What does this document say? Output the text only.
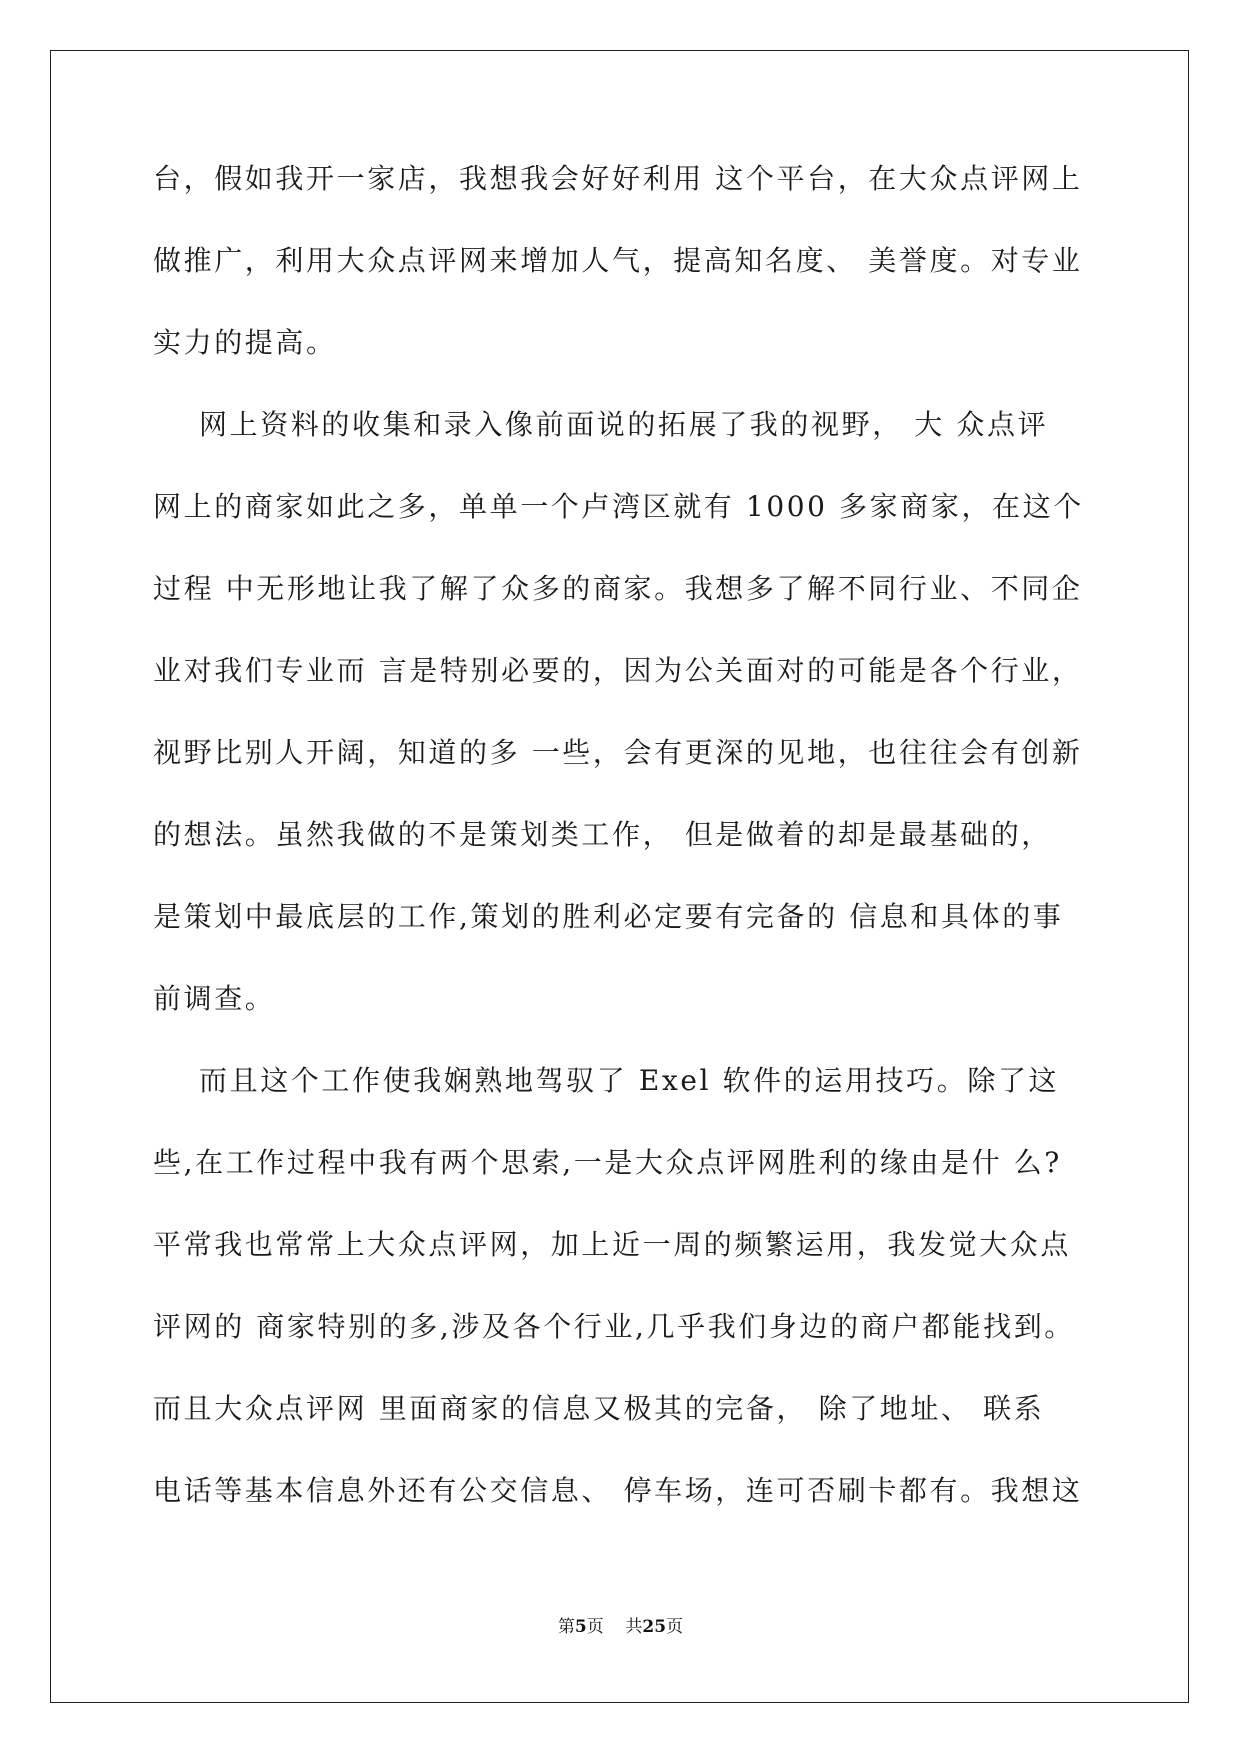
台，假如我开一家店，我想我会好好利用 这个平台，在大众点评网上
做推广，利用大众点评网来增加人气，提高知名度、 美誉度。对专业
实力的提高。
网上资料的收集和录入像前面说的拓展了我的视野， 大 众点评
网上的商家如此之多，单单一个卢湾区就有 1000 多家商家，在这个
过程 中无形地让我了解了众多的商家。我想多了解不同行业、不同企
业对我们专业而 言是特别必要的，因为公关面对的可能是各个行业，
视野比别人开阔，知道的多 一些，会有更深的见地，也往往会有创新
的想法。虽然我做的不是策划类工作， 但是做着的却是最基础的，
是策划中最底层的工作,策划的胜利必定要有完备的 信息和具体的事
前调查。
而且这个工作使我娴熟地驾驭了 Exel 软件的运用技巧。除了这
些,在工作过程中我有两个思索,一是大众点评网胜利的缘由是什 么?
平常我也常常上大众点评网，加上近一周的频繁运用，我发觉大众点
评网的 商家特别的多,涉及各个行业,几乎我们身边的商户都能找到。
而且大众点评网 里面商家的信息又极其的完备， 除了地址、 联系
电话等基本信息外还有公交信息、 停车场，连可否刷卡都有。我想这
第5页    共25页
